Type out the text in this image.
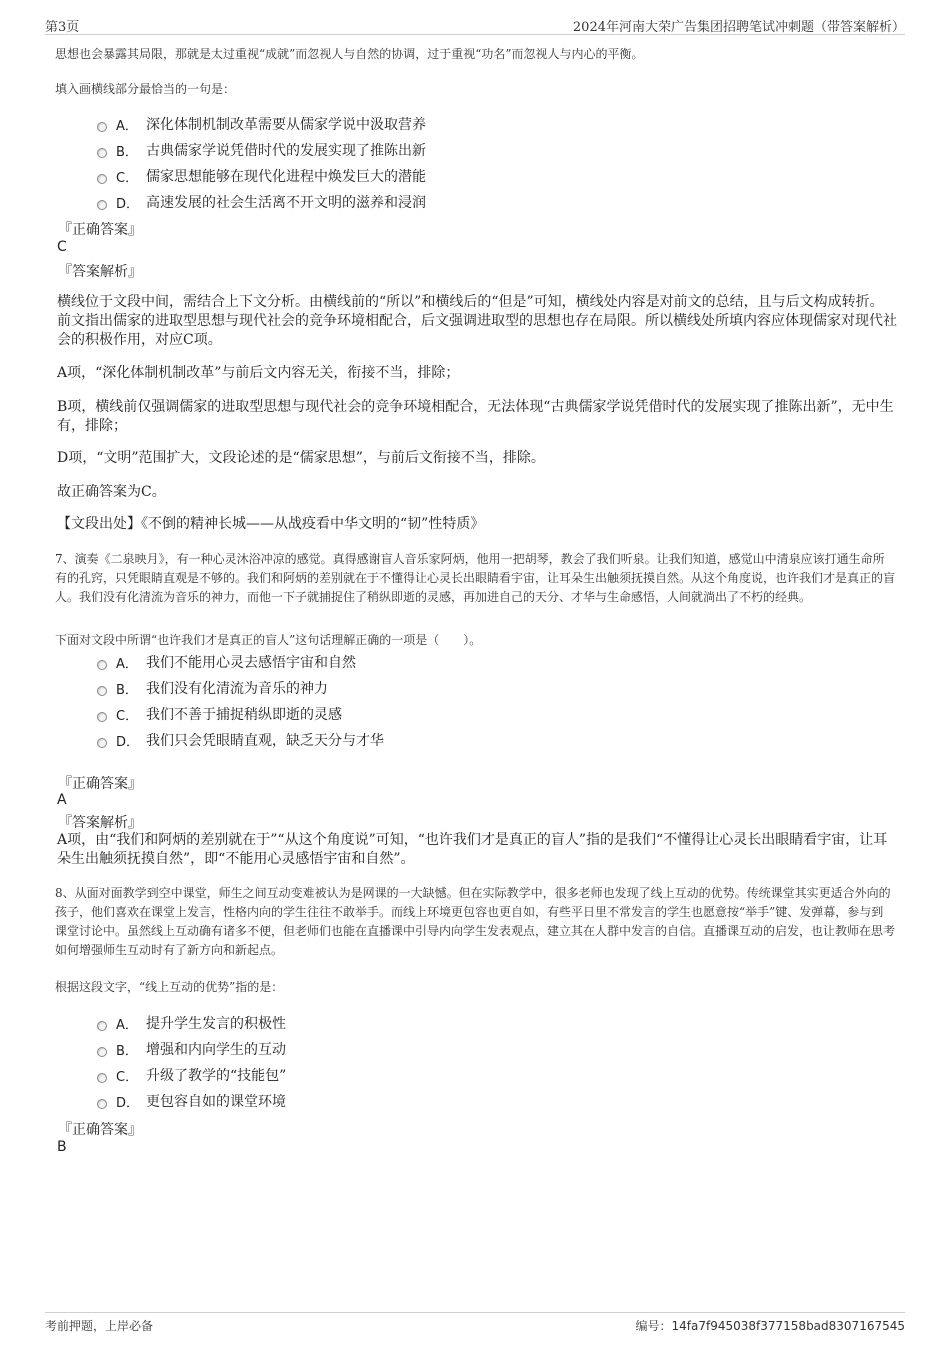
第3页	2024年河南大荣广告集团招聘笔试冲刺题（带答案解析）
思想也会暴露其局限，那就是太过重视“成就”而忽视人与自然的协调，过于重视“功名”而忽视人与内心的平衡。
填入画横线部分最恰当的一句是：
A． 深化体制机制改革需要从儒家学说中汲取营养
B． 古典儒家学说凭借时代的发展实现了推陈出新
C． 儒家思想能够在现代化进程中焕发巨大的潜能
D． 高速发展的社会生活离不开文明的滋养和浸润
『正确答案』
C
『答案解析』
横线位于文段中间，需结合上下文分析。由横线前的“所以”和横线后的“但是”可知，横线处内容是对前文的总结，且与后文构成转折。前文指出儒家的进取型思想与现代社会的竞争环境相配合，后文强调进取型的思想也存在局限。所以横线处所填内容应体现儒家对现代社会的积极作用，对应C项。
A项，“深化体制机制改革”与前后文内容无关，衔接不当，排除；
B项，横线前仅强调儒家的进取型思想与现代社会的竞争环境相配合，无法体现“古典儒家学说凭借时代的发展实现了推陈出新”，无中生有，排除；
D项，“文明”范围扩大，文段论述的是“儒家思想”，与前后文衔接不当，排除。
故正确答案为C。
【文段出处】《不倒的精神长城——从战疫看中华文明的“韧”性特质》
7、演奏《二泉映月》，有一种心灵沐浴冲凉的感觉。真得感谢盲人音乐家阿炳，他用一把胡琴，教会了我们听泉。让我们知道，感觉山中清泉应该打通生命所有的孔窍，只凭眼睛直观是不够的。我们和阿炳的差别就在于不懂得让心灵长出眼睛看宇宙，让耳朵生出触须抚摸自然。从这个角度说，也许我们才是真正的盲人。我们没有化清流为音乐的神力，而他一下子就捕捉住了稍纵即逝的灵感，再加进自己的天分、才华与生命感悟，人间就淌出了不朽的经典。
下面对文段中所谓“也许我们才是真正的盲人”这句话理解正确的一项是（　　）。
A． 我们不能用心灵去感悟宇宙和自然
B． 我们没有化清流为音乐的神力
C． 我们不善于捕捉稍纵即逝的灵感
D． 我们只会凭眼睛直观，缺乏天分与才华
『正确答案』
A
『答案解析』
A项，由“我们和阿炳的差别就在于”“从这个角度说”可知，“也许我们才是真正的盲人”指的是我们“不懂得让心灵长出眼睛看宇宙，让耳朵生出触须抚摸自然”，即“不能用心灵感悟宇宙和自然”。
8、从面对面教学到空中课堂，师生之间互动变难被认为是网课的一大缺憾。但在实际教学中，很多老师也发现了线上互动的优势。传统课堂其实更适合外向的孩子，他们喜欢在课堂上发言，性格内向的学生往往不敢举手。而线上环境更包容也更自如，有些平日里不常发言的学生也愿意按“举手”键、发弹幕，参与到课堂讨论中。虽然线上互动确有诸多不便，但老师们也能在直播课中引导内向学生发表观点，建立其在人群中发言的自信。直播课互动的启发，也让教师在思考如何增强师生互动时有了新方向和新起点。
根据这段文字，“线上互动的优势”指的是：
A． 提升学生发言的积极性
B． 增强和内向学生的互动
C． 升级了教学的“技能包”
D． 更包容自如的课堂环境
『正确答案』
B
考前押题，上岸必备	编号：14fa7f945038f377158bad8307167545
